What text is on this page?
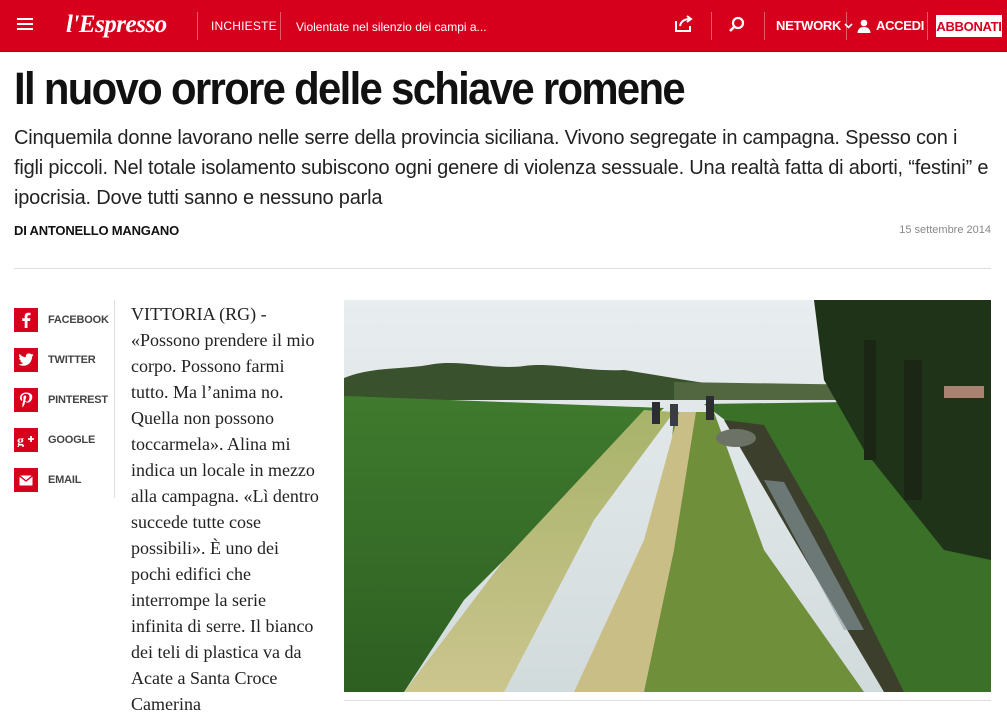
l'Espresso	INCHIESTE Violentate nel silenzio dei campi a...	NETWORK	ACCEDI ABBONATI
Il nuovo orrore delle schiave romene
Cinquemila donne lavorano nelle serre della provincia siciliana. Vivono segregate in campagna. Spesso con i figli piccoli. Nel totale isolamento subiscono ogni genere di violenza sessuale. Una realtà fatta di aborti, “festini” e ipocrisia. Dove tutti sanno e nessuno parla
DI ANTONELLO MANGANO	15 settembre 2014
FACEBOOK
TWITTER
PINTEREST
g GOOGLE
EMAIL
VITTORIA (RG) - «Possono prendere il mio corpo. Possono farmi tutto. Ma l’anima no. Quella non possono toccarmela». Alina mi indica un locale in mezzo alla campagna. «Lì dentro succede tutte cose possibili». È uno dei pochi edifici che interrompe la serie infinita di serre. Il bianco dei teli di plastica va da Acate a Santa Croce Camerina
